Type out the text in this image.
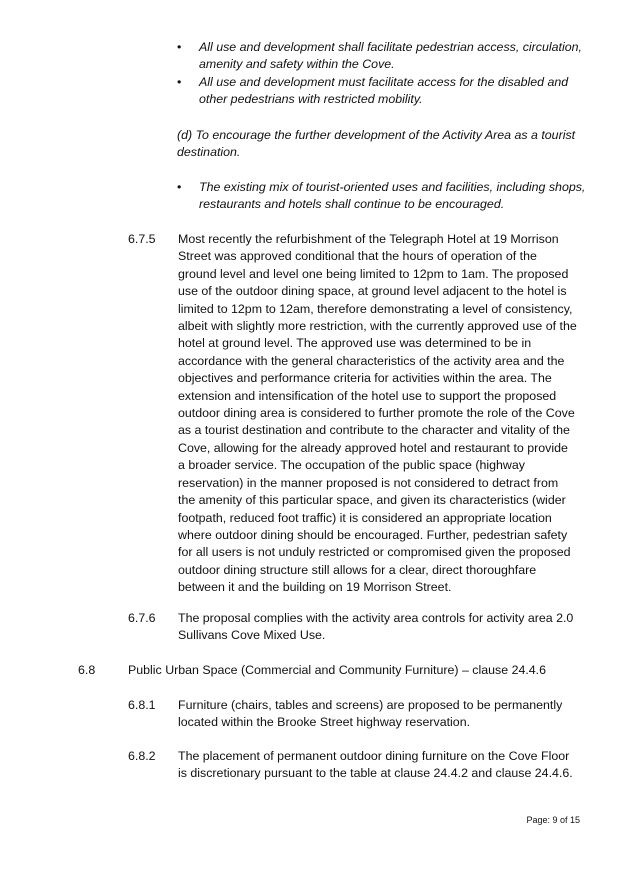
• All use and development shall facilitate pedestrian access, circulation, amenity and safety within the Cove.
• All use and development must facilitate access for the disabled and other pedestrians with restricted mobility.
(d) To encourage the further development of the Activity Area as a tourist destination.
• The existing mix of tourist-oriented uses and facilities, including shops, restaurants and hotels shall continue to be encouraged.
6.7.5 Most recently the refurbishment of the Telegraph Hotel at 19 Morrison Street was approved conditional that the hours of operation of the ground level and level one being limited to 12pm to 1am. The proposed use of the outdoor dining space, at ground level adjacent to the hotel is limited to 12pm to 12am, therefore demonstrating a level of consistency, albeit with slightly more restriction, with the currently approved use of the hotel at ground level. The approved use was determined to be in accordance with the general characteristics of the activity area and the objectives and performance criteria for activities within the area. The extension and intensification of the hotel use to support the proposed outdoor dining area is considered to further promote the role of the Cove as a tourist destination and contribute to the character and vitality of the Cove, allowing for the already approved hotel and restaurant to provide a broader service. The occupation of the public space (highway reservation) in the manner proposed is not considered to detract from the amenity of this particular space, and given its characteristics (wider footpath, reduced foot traffic) it is considered an appropriate location where outdoor dining should be encouraged. Further, pedestrian safety for all users is not unduly restricted or compromised given the proposed outdoor dining structure still allows for a clear, direct thoroughfare between it and the building on 19 Morrison Street.
6.7.6 The proposal complies with the activity area controls for activity area 2.0 Sullivans Cove Mixed Use.
6.8	Public Urban Space (Commercial and Community Furniture) – clause 24.4.6
6.8.1 Furniture (chairs, tables and screens) are proposed to be permanently located within the Brooke Street highway reservation.
6.8.2 The placement of permanent outdoor dining furniture on the Cove Floor is discretionary pursuant to the table at clause 24.4.2 and clause 24.4.6.
Page: 9 of 15
